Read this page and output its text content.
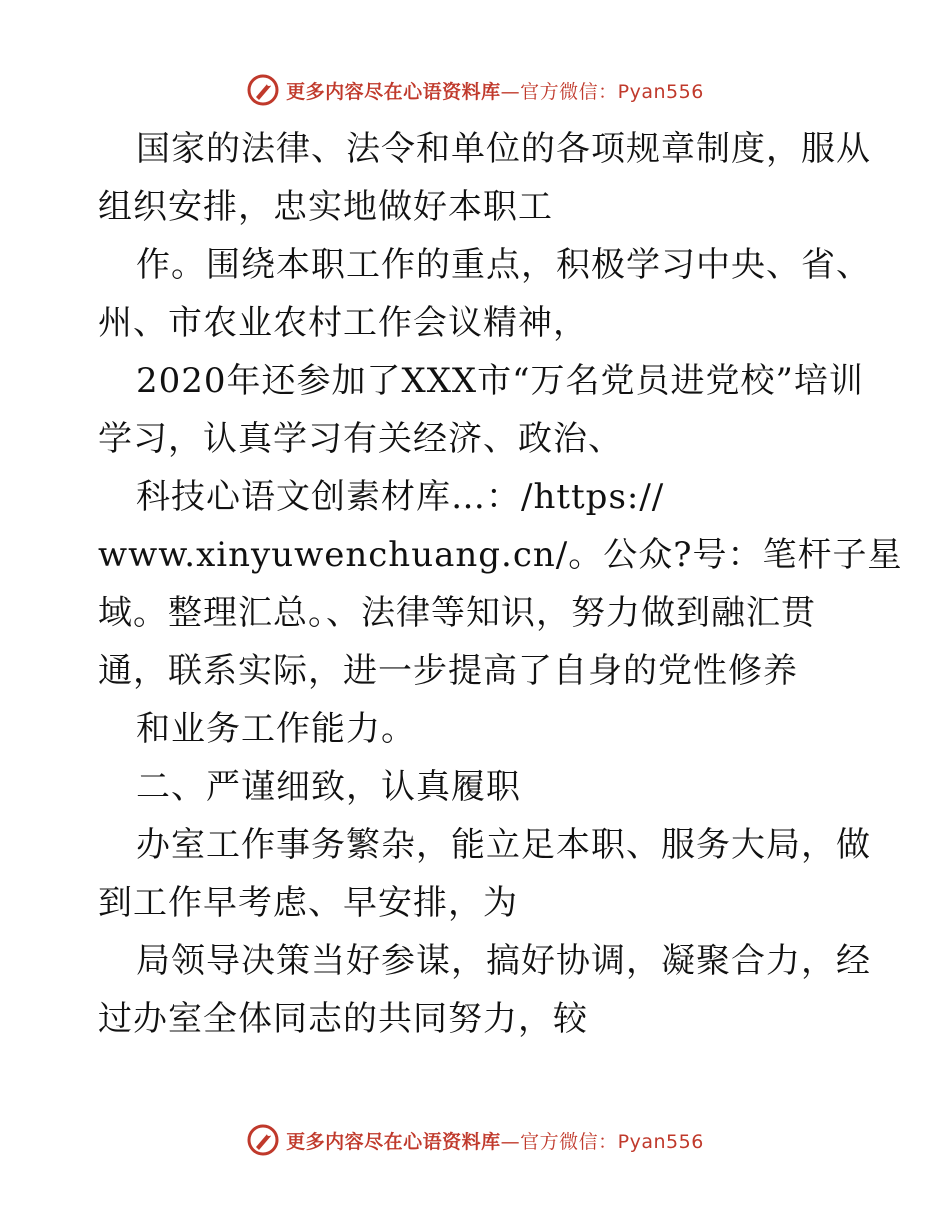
更多内容尽在心语资料库—官方微信：Pyan556
国家的法律、法令和单位的各项规章制度，服从
组织安排，忠实地做好本职工
作。围绕本职工作的重点，积极学习中央、省、
州、市农业农村工作会议精神，
2020年还参加了XXX市“万名党员进党校”培训
学习，认真学习有关经济、政治、
科技心语文创素材库…：/https://
www.xinyuwenchuang.cn/。公众?号：笔杆子星
域。整理汇总。、法律等知识，努力做到融汇贯
通，联系实际，进一步提高了自身的党性修养
和业务工作能力。
二、严谨细致，认真履职
办室工作事务繁杂，能立足本职、服务大局，做
到工作早考虑、早安排，为
局领导决策当好参谋，搞好协调，凝聚合力，经
过办室全体同志的共同努力，较
更多内容尽在心语资料库—官方微信：Pyan556
